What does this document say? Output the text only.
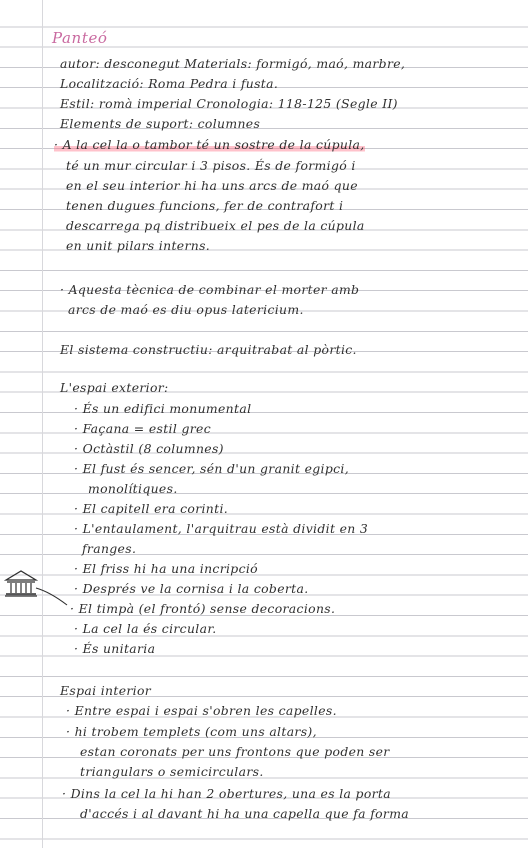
Panteó
autor: desconegut Materials: formigó, maó, marbre,
Localització: Roma Pedra i fusta.
Estil: romà imperial Cronologia: 118-125 (Segle II)
Elements de suport: columnes
· A la cel la o tambor té un sostre de la cúpula,
té un mur circular i 3 pisos. És de formigó i
en el seu interior hi ha uns arcs de maó que
tenen dugues funcions, fer de contrafort i
descarrega pq distribueix el pes de la cúpula
en unit pilars interns.
· Aquesta tècnica de combinar el morter amb
arcs de maó es diu opus latericium.
El sistema constructiu: arquitrabat al pòrtic.
L'espai exterior:
· És un edifici monumental
· Façana = estil grec
· Octàstil (8 columnes)
· El fust és sencer, sén d'un granit egipci,
monolítiques.
· El capitell era corinti.
· L'entaulament, l'arquitrau està dividit en 3
franges.
· El friss hi ha una incripció
· Després ve la cornisa i la coberta.
· El timpà (el frontó) sense decoracions.
· La cel la és circular.
· És unitaria
Espai interior
· Entre espai i espai s'obren les capelles.
· hi trobem templets (com uns altars),
estan coronats per uns frontons que poden ser
triangulars o semicirculars.
· Dins la cel la hi han 2 obertures, una es la porta
d'accés i al davant hi ha una capella que fa forma
